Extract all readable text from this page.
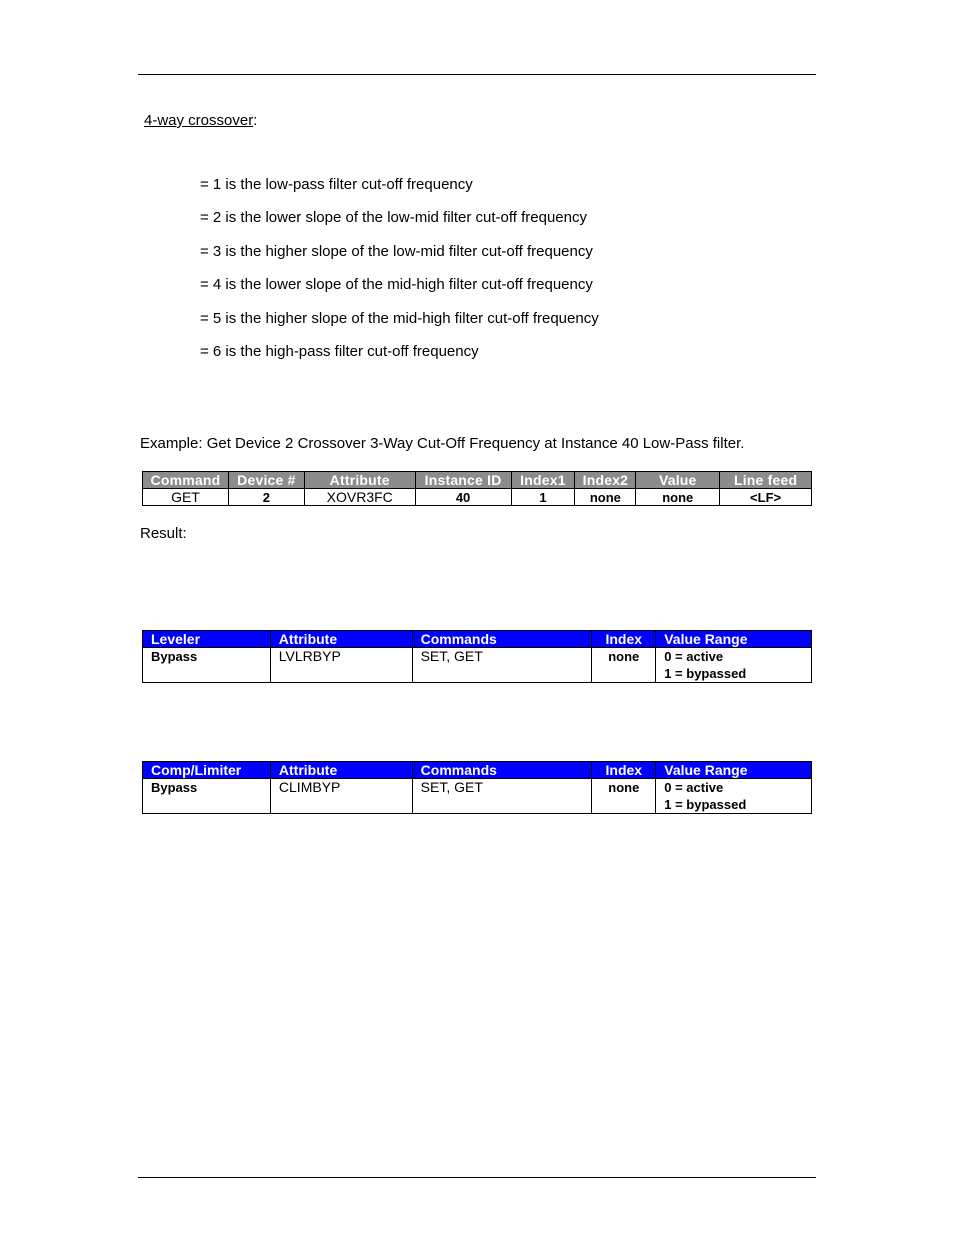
4-way crossover:
= 1 is the low-pass filter cut-off frequency
= 2 is the lower slope of the low-mid filter cut-off frequency
= 3 is the higher slope of the low-mid filter cut-off frequency
= 4 is the lower slope of the mid-high filter cut-off frequency
= 5 is the higher slope of the mid-high filter cut-off frequency
= 6 is the high-pass filter cut-off frequency
Example: Get Device 2 Crossover 3-Way Cut-Off Frequency at Instance 40 Low-Pass filter.
Command	Device #	Attribute	Instance ID	Index1	Index2	Value	Line feed
GET	2	XOVR3FC	40	1	none	none	<LF>
Result:
Leveler	Attribute	Commands	Index	Value Range
Bypass	LVLRBYP	SET, GET	none	0 = active
1 = bypassed
Comp/Limiter	Attribute	Commands	Index	Value Range
Bypass	CLIMBYP	SET, GET	none	0 = active
1 = bypassed
